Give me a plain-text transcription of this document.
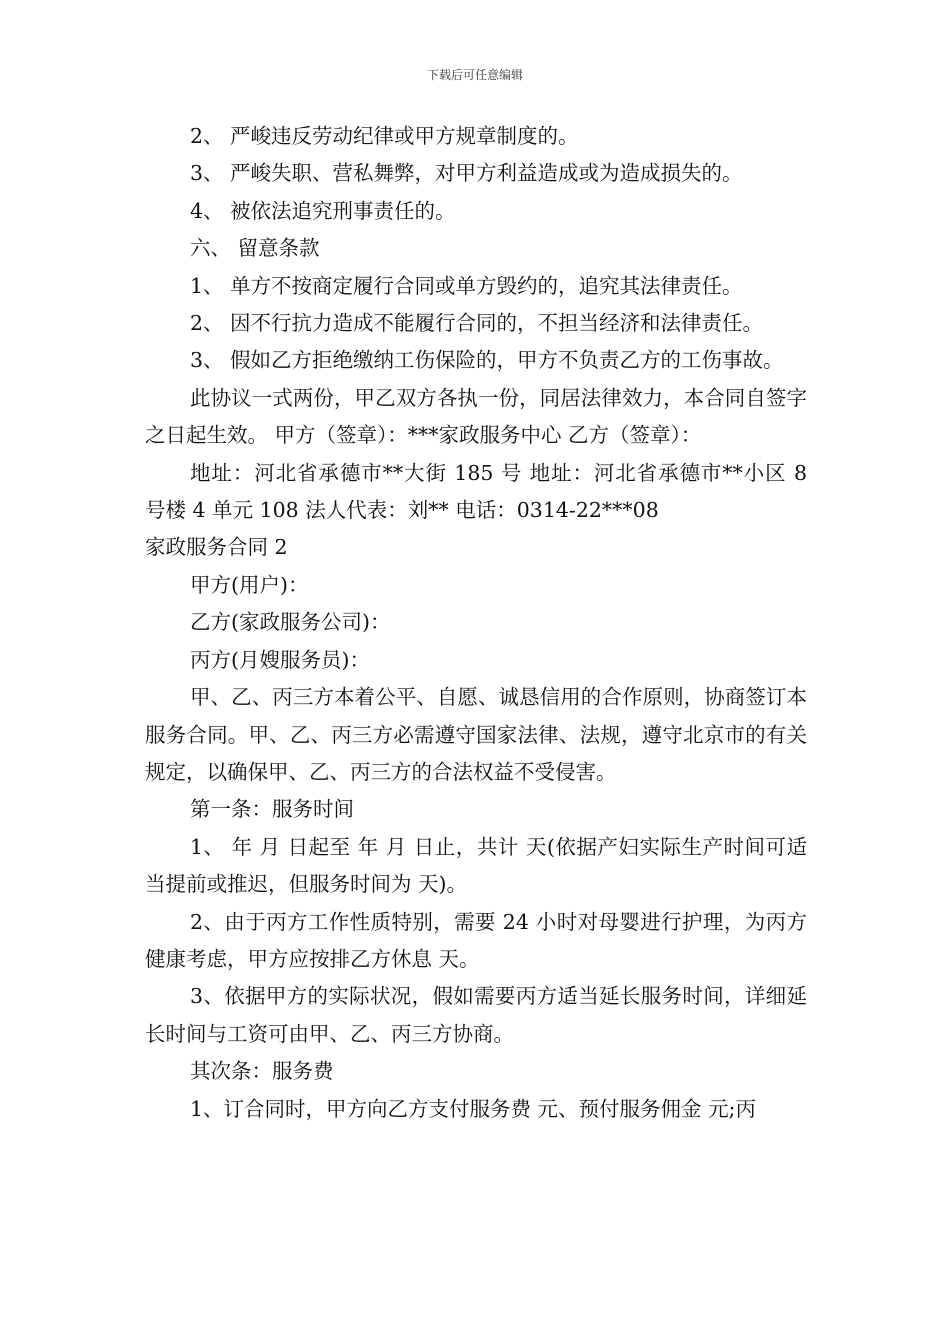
下载后可任意编辑

2、 严峻违反劳动纪律或甲方规章制度的。

3、 严峻失职、营私舞弊，对甲方利益造成或为造成损失的。

4、 被依法追究刑事责任的。

六、 留意条款

1、 单方不按商定履行合同或单方毁约的，追究其法律责任。

2、 因不行抗力造成不能履行合同的，不担当经济和法律责任。

3、 假如乙方拒绝缴纳工伤保险的，甲方不负责乙方的工伤事故。

此协议一式两份，甲乙双方各执一份，同居法律效力，本合同自签字之日起生效。 甲方（签章）：***家政服务中心 乙方（签章）：

地址：河北省承德市**大街 185 号 地址：河北省承德市**小区 8 号楼 4 单元 108 法人代表：刘** 电话：0314-22***08

家政服务合同 2

甲方(用户)：

乙方(家政服务公司)：

丙方(月嫂服务员)：

甲、乙、丙三方本着公平、自愿、诚恳信用的合作原则，协商签订本服务合同。甲、乙、丙三方必需遵守国家法律、法规，遵守北京市的有关规定，以确保甲、乙、丙三方的合法权益不受侵害。

第一条：服务时间

1、 年 月 日起至 年 月 日止，共计 天(依据产妇实际生产时间可适当提前或推迟，但服务时间为 天)。

2、由于丙方工作性质特别，需要 24 小时对母婴进行护理，为丙方健康考虑，甲方应按排乙方休息 天。

3、依据甲方的实际状况，假如需要丙方适当延长服务时间，详细延长时间与工资可由甲、乙、丙三方协商。

其次条：服务费

1、订合同时，甲方向乙方支付服务费 元、预付服务佣金 元;丙
